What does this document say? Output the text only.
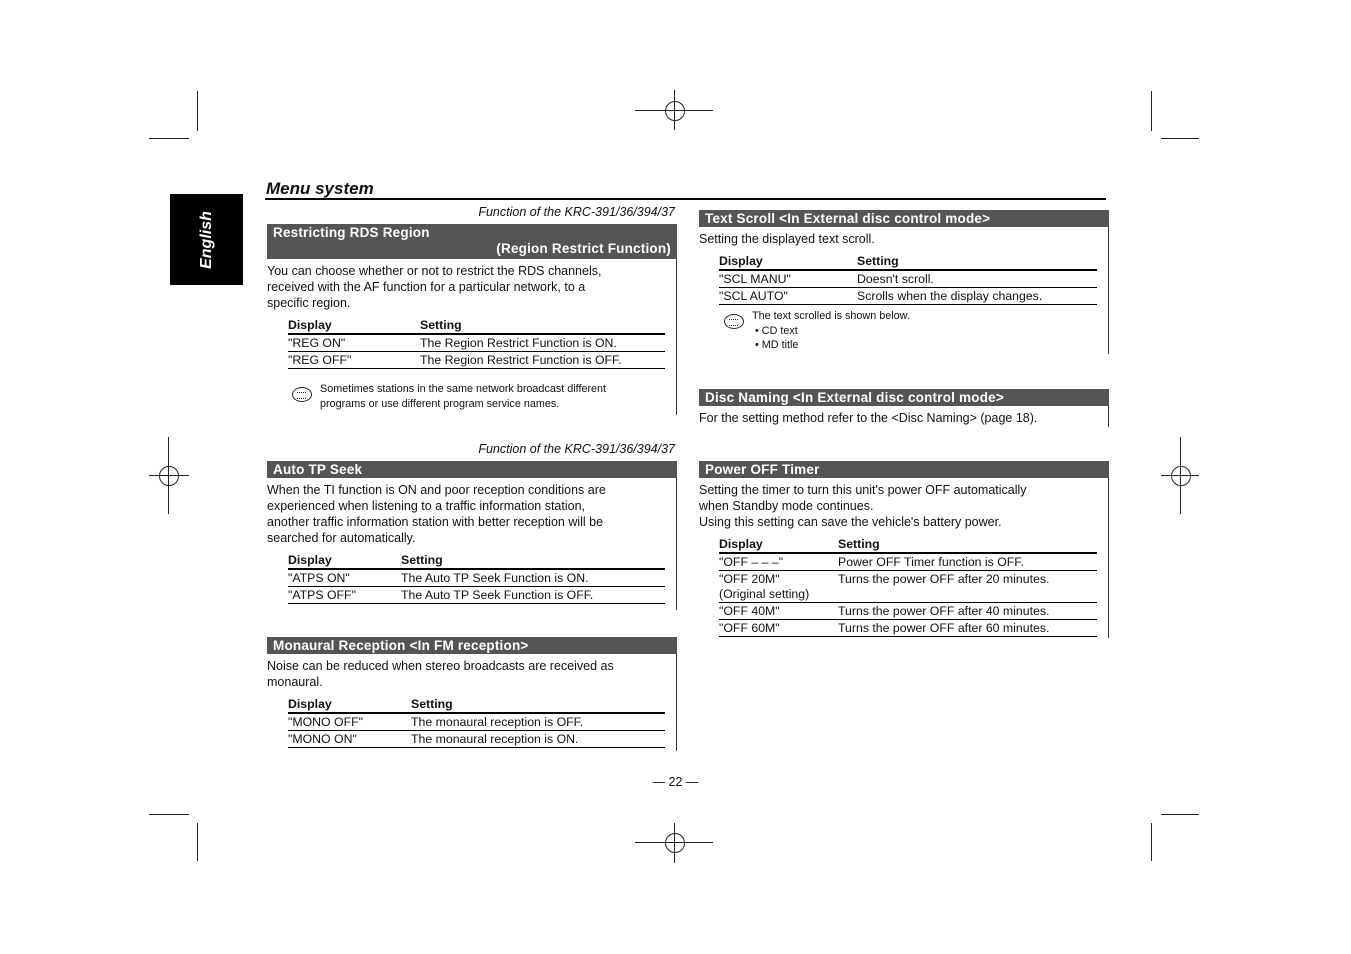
English
Menu system
Function of the KRC-391/36/394/37
Restricting RDS Region
(Region Restrict Function)
You can choose whether or not to restrict the RDS channels,
received with the AF function for a particular network, to a
specific region.
Display	Setting
"REG ON"	The Region Restrict Function is ON.
"REG OFF"	The Region Restrict Function is OFF.
Sometimes stations in the same network broadcast different
programs or use different program service names.
Function of the KRC-391/36/394/37
Auto TP Seek
When the TI function is ON and poor reception conditions are
experienced when listening to a traffic information station,
another traffic information station with better reception will be
searched for automatically.
Display	Setting
"ATPS ON"	The Auto TP Seek Function is ON.
"ATPS OFF"	The Auto TP Seek Function is OFF.
Monaural Reception <In FM reception>
Noise can be reduced when stereo broadcasts are received as
monaural.
Display	Setting
"MONO OFF"	The monaural reception is OFF.
"MONO ON"	The monaural reception is ON.
Text Scroll <In External disc control mode>
Setting the displayed text scroll.
Display	Setting
"SCL MANU"	Doesn't scroll.
"SCL AUTO"	Scrolls when the display changes.
The text scrolled is shown below.
• CD text
• MD title
Disc Naming <In External disc control mode>
For the setting method refer to the <Disc Naming> (page 18).
Power OFF Timer
Setting the timer to turn this unit's power OFF automatically
when Standby mode continues.
Using this setting can save the vehicle's battery power.
Display	Setting
"OFF – – –"	Power OFF Timer function is OFF.

"OFF 20M"
(Original setting)	Turns the power OFF after 20 minutes.
"OFF 40M"	Turns the power OFF after 40 minutes.
"OFF 60M"	Turns the power OFF after 60 minutes.
— 22 —
